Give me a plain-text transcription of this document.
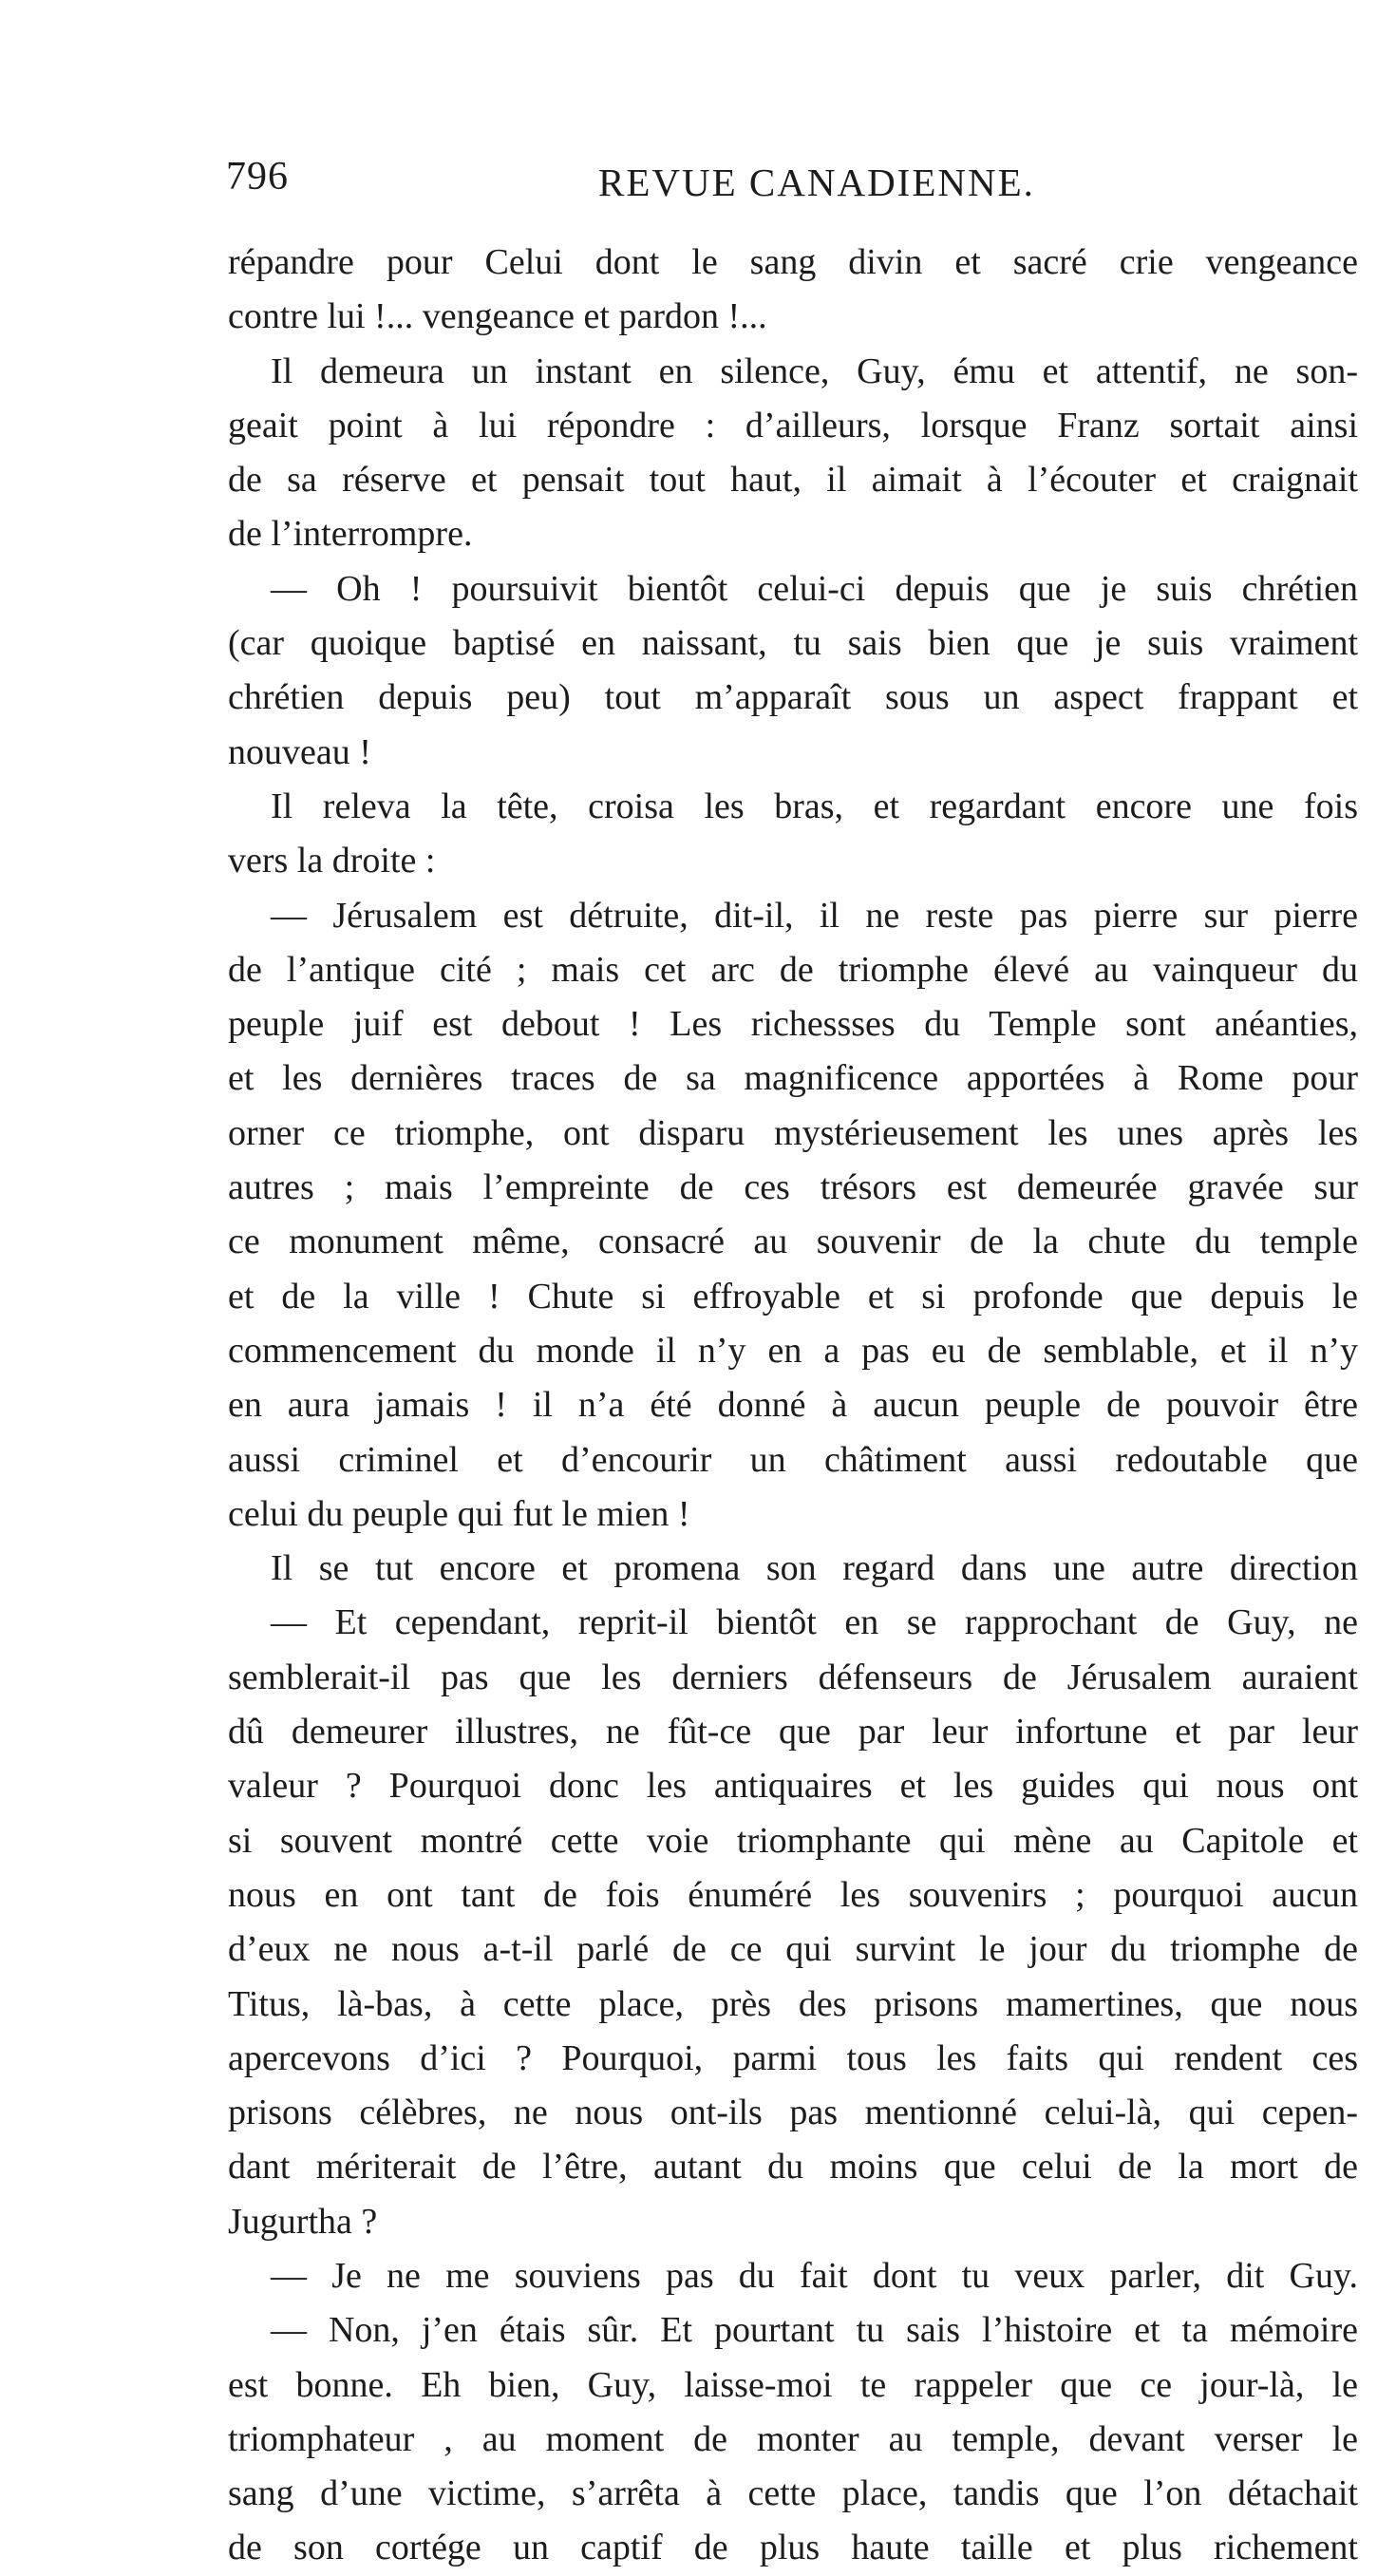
796	REVUE CANADIENNE.
répandre pour Celui dont le sang divin et sacré crie vengeance
contre lui !... vengeance et pardon !...
Il demeura un instant en silence, Guy, ému et attentif, ne son-
geait point à lui répondre : d’ailleurs, lorsque Franz sortait ainsi
de sa réserve et pensait tout haut, il aimait à l’écouter et craignait
de l’interrompre.
— Oh ! poursuivit bientôt celui-ci depuis que je suis chrétien
(car quoique baptisé en naissant, tu sais bien que je suis vraiment
chrétien depuis peu) tout m’apparaît sous un aspect frappant et
nouveau !
Il releva la tête, croisa les bras, et regardant encore une fois
vers la droite :
— Jérusalem est détruite, dit-il, il ne reste pas pierre sur pierre
de l’antique cité ; mais cet arc de triomphe élevé au vainqueur du
peuple juif est debout ! Les richessses du Temple sont anéanties,
et les dernières traces de sa magnificence apportées à Rome pour
orner ce triomphe, ont disparu mystérieusement les unes après les
autres ; mais l’empreinte de ces trésors est demeurée gravée sur
ce monument même, consacré au souvenir de la chute du temple
et de la ville ! Chute si effroyable et si profonde que depuis le
commencement du monde il n’y en a pas eu de semblable, et il n’y
en aura jamais ! il n’a été donné à aucun peuple de pouvoir être
aussi criminel et d’encourir un châtiment aussi redoutable que
celui du peuple qui fut le mien !
Il se tut encore et promena son regard dans une autre direction
— Et cependant, reprit-il bientôt en se rapprochant de Guy, ne
semblerait-il pas que les derniers défenseurs de Jérusalem auraient
dû demeurer illustres, ne fût-ce que par leur infortune et par leur
valeur ? Pourquoi donc les antiquaires et les guides qui nous ont
si souvent montré cette voie triomphante qui mène au Capitole et
nous en ont tant de fois énuméré les souvenirs ; pourquoi aucun
d’eux ne nous a-t-il parlé de ce qui survint le jour du triomphe de
Titus, là-bas, à cette place, près des prisons mamertines, que nous
apercevons d’ici ? Pourquoi, parmi tous les faits qui rendent ces
prisons célèbres, ne nous ont-ils pas mentionné celui-là, qui cepen-
dant mériterait de l’être, autant du moins que celui de la mort de
Jugurtha ?
— Je ne me souviens pas du fait dont tu veux parler, dit Guy.
— Non, j’en étais sûr. Et pourtant tu sais l’histoire et ta mémoire
est bonne. Eh bien, Guy, laisse-moi te rappeler que ce jour-là, le
triomphateur , au moment de monter au temple, devant verser le
sang d’une victime, s’arrêta à cette place, tandis que l’on détachait
de son cortége un captif de plus haute taille et plus richement
